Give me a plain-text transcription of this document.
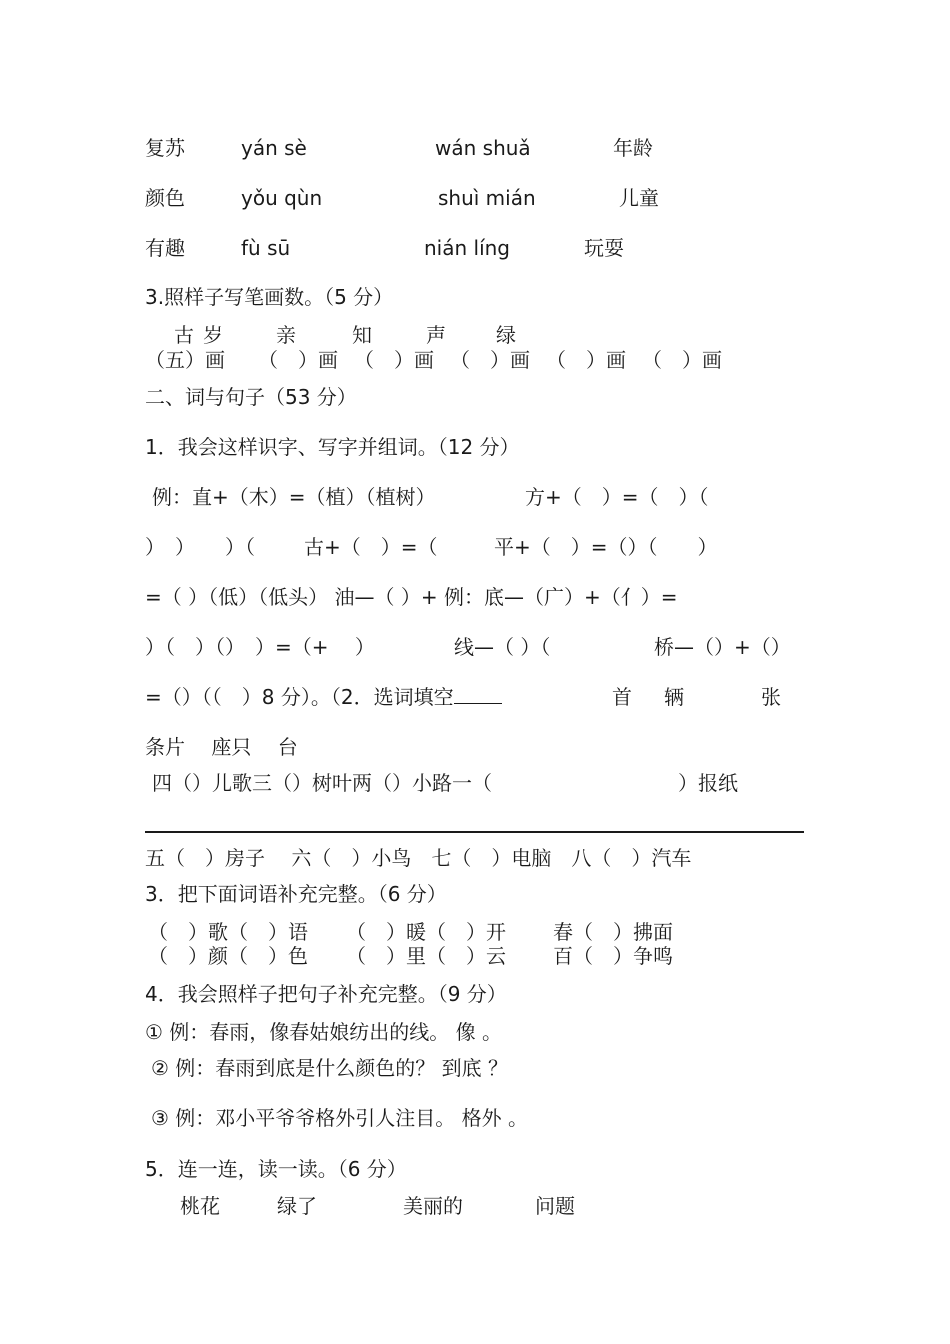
复苏	yán sè	wán shuǎ	年龄
颜色	yǒu qùn	shuì mián	儿童
有趣	fù sū	nián líng	玩耍
3.照样子写笔画数。（5 分）
古 岁	亲	知	声	绿
（五）画 （　）画 （　）画 （　）画 （　）画 （　）画
二、词与句子（53 分）
1．我会这样识字、写字并组词。（12 分）
例：直+（木）=（植）（植树）	方+（　）=（　）（
）　）　　）（ 古+（　）=（	平+（　）=（）（　　）
=（ ）（低）（低头） 油—（ ）+ 例：底—（广）+（亻）=
）（　）（）　）=（+　 ）	线—（ ）（	桥—（）+（）
=（）（（　）8 分）。（2．选词填空	首 辆	张
条片　 座只　 台
四（）儿歌三（）树叶两（）小路一（	）报纸
五（　）房子　 六（　）小鸟　七（　）电脑　八（　）汽车
3．把下面词语补充完整。（6 分）
（　）歌（　）语 （　）暖（　）开 春（　）拂面
（　）颜（　）色 （　）里（　）云 百（　）争鸣
4．我会照样子把句子补充完整。（9 分）
① 例：春雨，像春姑娘纺出的线。 像 。
② 例：春雨到底是什么颜色的？ 到底 ？
③ 例：邓小平爷爷格外引人注目。 格外 。
5．连一连，读一读。（6 分）
桃花	绿了	美丽的	问题
